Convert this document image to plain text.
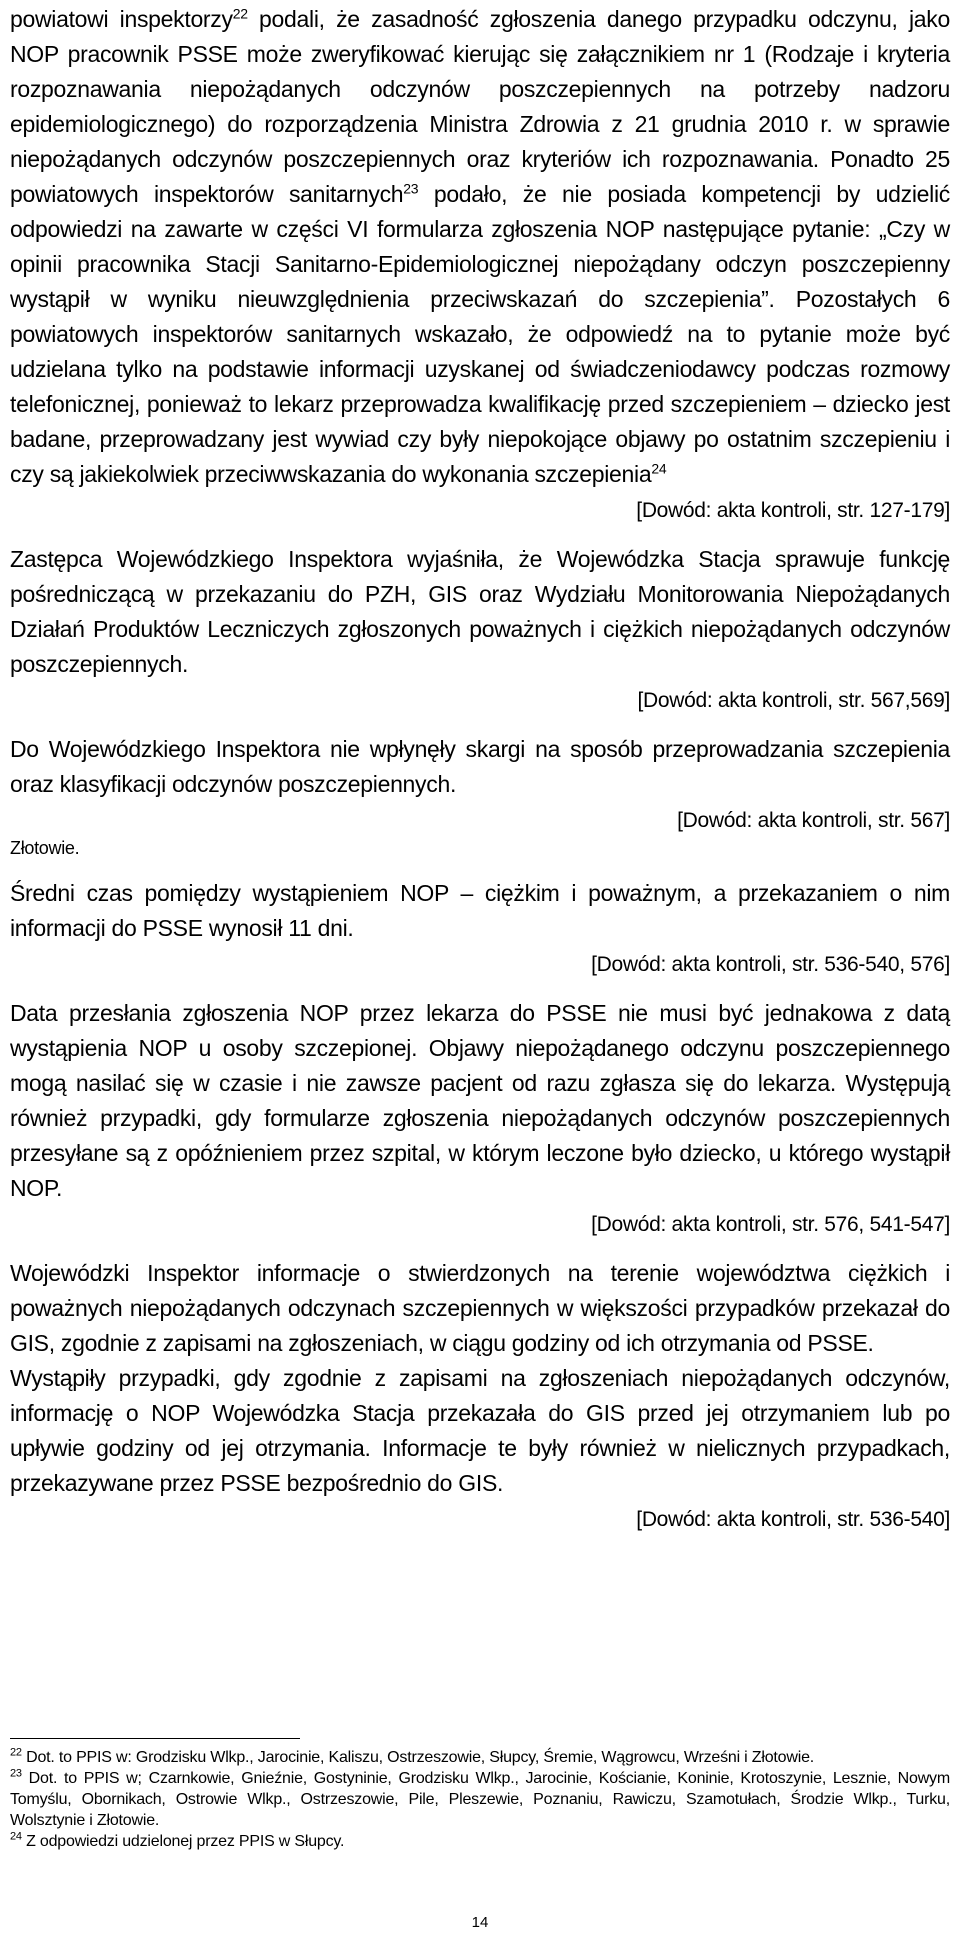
powiatowi inspektorzy$^{22}$ podali, że zasadność zgłoszenia danego przypadku odczynu, jako NOP pracownik PSSE może zweryfikować kierując się załącznikiem nr 1 (Rodzaje i kryteria rozpoznawania niepożądanych odczynów poszczepiennych na potrzeby nadzoru epidemiologicznego) do rozporządzenia Ministra Zdrowia z 21 grudnia 2010 r. w sprawie niepożądanych odczynów poszczepiennych oraz kryteriów ich rozpoznawania. Ponadto 25 powiatowych inspektorów sanitarnych$^{23}$ podało, że nie posiada kompetencji by udzielić odpowiedzi na zawarte w części VI formularza zgłoszenia NOP następujące pytanie: „Czy w opinii pracownika Stacji Sanitarno-Epidemiologicznej niepożądany odczyn poszczepienny wystąpił w wyniku nieuwzględnienia przeciwskazań do szczepienia”. Pozostałych 6 powiatowych inspektorów sanitarnych wskazało, że odpowiedź na to pytanie może być udzielana tylko na podstawie informacji uzyskanej od świadczeniodawcy podczas rozmowy telefonicznej, ponieważ to lekarz przeprowadza kwalifikację przed szczepieniem – dziecko jest badane, przeprowadzany jest wywiad czy były niepokojące objawy po ostatnim szczepieniu i czy są jakiekolwiek przeciwwskazania do wykonania szczepienia$^{24}$

[Dowód: akta kontroli, str. 127-179]

Zastępca Wojewódzkiego Inspektora wyjaśniła, że Wojewódzka Stacja sprawuje funkcję pośredniczącą w przekazaniu do PZH, GIS oraz Wydziału Monitorowania Niepożądanych Działań Produktów Leczniczych zgłoszonych poważnych i ciężkich niepożądanych odczynów poszczepiennych.

[Dowód: akta kontroli, str. 567,569]

Do Wojewódzkiego Inspektora nie wpłynęły skargi na sposób przeprowadzania szczepienia oraz klasyfikacji odczynów poszczepiennych.

[Dowód: akta kontroli, str. 567]

Złotowie.

Średni czas pomiędzy wystąpieniem NOP – ciężkim i poważnym, a przekazaniem o nim informacji do PSSE wynosił 11 dni.

[Dowód: akta kontroli, str. 536-540, 576]

Data przesłania zgłoszenia NOP przez lekarza do PSSE nie musi być jednakowa z datą wystąpienia NOP u osoby szczepionej. Objawy niepożądanego odczynu poszczepiennego mogą nasilać się w czasie i nie zawsze pacjent od razu zgłasza się do lekarza. Występują również przypadki, gdy formularze zgłoszenia niepożądanych odczynów poszczepiennych przesyłane są z opóźnieniem przez szpital, w którym leczone było dziecko, u którego wystąpił NOP.

[Dowód: akta kontroli, str. 576, 541-547]

Wojewódzki Inspektor informacje o stwierdzonych na terenie województwa ciężkich i poważnych niepożądanych odczynach szczepiennych w większości przypadków przekazał do GIS, zgodnie z zapisami na zgłoszeniach, w ciągu godziny od ich otrzymania od PSSE.

Wystąpiły przypadki, gdy zgodnie z zapisami na zgłoszeniach niepożądanych odczynów, informację o NOP Wojewódzka Stacja przekazała do GIS przed jej otrzymaniem lub po upływie godziny od jej otrzymania. Informacje te były również w nielicznych przypadkach, przekazywane przez PSSE bezpośrednio do GIS.

[Dowód: akta kontroli, str. 536-540]

$^{22}$ Dot. to PPIS w: Grodzisku Wlkp., Jarocinie, Kaliszu, Ostrzeszowie, Słupcy, Śremie, Wągrowcu, Wrześni i Złotowie.

$^{23}$ Dot. to PPIS w; Czarnkowie, Gnieźnie, Gostyninie, Grodzisku Wlkp., Jarocinie, Kościanie, Koninie, Krotoszynie, Lesznie, Nowym Tomyślu, Obornikach, Ostrowie Wlkp., Ostrzeszowie, Pile, Pleszewie, Poznaniu, Rawiczu, Szamotułach, Środzie Wlkp., Turku, Wolsztynie i Złotowie.

$^{24}$ Z odpowiedzi udzielonej przez PPIS w Słupcy.

14
